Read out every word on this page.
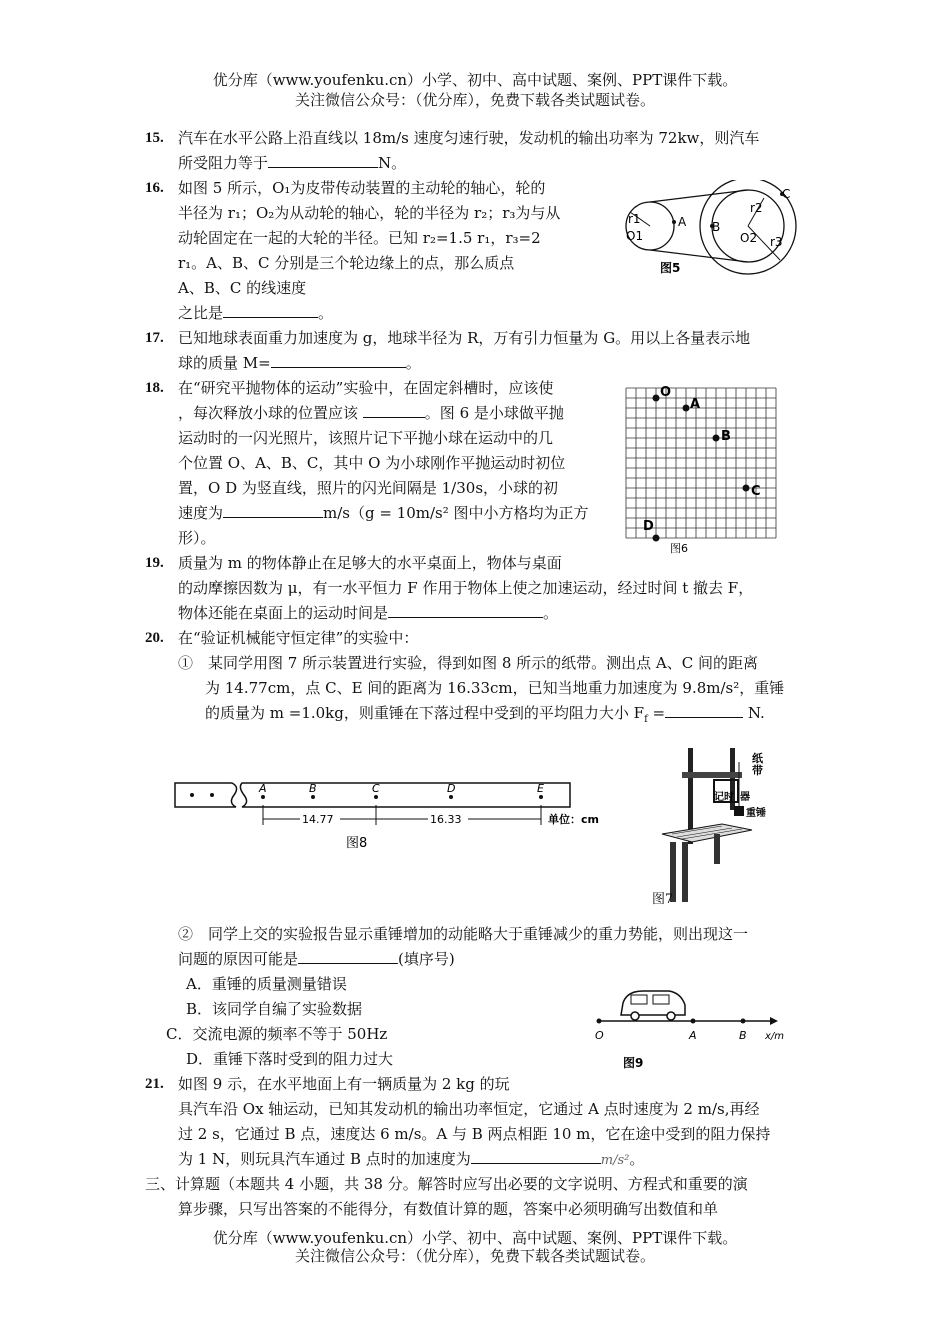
优分库（www.youfenku.cn）小学、初中、高中试题、案例、PPT课件下载。
关注微信公众号：（优分库），免费下载各类试题试卷。
15. 汽车在水平公路上沿直线以 18m/s 速度匀速行驶，发动机的输出功率为 72kw，则汽车
所受阻力等于	N。
16. 如图 5 所示，O₁为皮带传动装置的主动轮的轴心，轮的
半径为 r₁；O₂为从动轮的轴心，轮的半径为 r₂；r₃为与从
动轮固定在一起的大轮的半径。已知 r₂=1.5 r₁，r₃=2
r₁。A、B、C 分别是三个轮边缘上的点，那么质点
A、B、C 的线速度
之比是	。
r1	A
O1
B
O2
r2
r3
C
图5
17. 已知地球表面重力加速度为 g，地球半径为 R，万有引力恒量为 G。用以上各量表示地
球的质量 M=	。
18. 在“研究平抛物体的运动”实验中，在固定斜槽时，应该使
，每次释放小球的位置应该	。图 6 是小球做平抛
运动时的一闪光照片，该照片记下平抛小球在运动中的几
个位置 O、A、B、C，其中 O 为小球刚作平抛运动时初位
置，O D 为竖直线，照片的闪光间隔是 1/30s，小球的初
速度为	m/s（g = 10m/s² 图中小方格均为正方
形）。
O
A
B
C
D
图6
19. 质量为 m 的物体静止在足够大的水平桌面上，物体与桌面
的动摩擦因数为 μ，有一水平恒力 F 作用于物体上使之加速运动，经过时间 t 撤去 F，
物体还能在桌面上的运动时间是	。
20. 在“验证机械能守恒定律”的实验中：
①　某同学用图 7 所示装置进行实验，得到如图 8 所示的纸带。测出点 A、C 间的距离
为 14.77cm，点 C、E 间的距离为 16.33cm，已知当地重力加速度为 9.8m/s²，重锤
的质量为 m =1.0kg，则重锤在下落过程中受到的平均阻力大小 $F_f$ =	N.
A	B	C	D	E
14.77	16.33	单位：cm
图8
纸
带
记时 器
重锤
图7
②　同学上交的实验报告显示重锤增加的动能略大于重锤减少的重力势能，则出现这一
问题的原因可能是	(填序号)
A．重锤的质量测量错误
B．该同学自编了实验数据
C．交流电源的频率不等于 50Hz
D．重锤下落时受到的阻力过大
O	A	B x/m
图9
21. 如图 9 示，在水平地面上有一辆质量为 2 kg 的玩
具汽车沿 Ox 轴运动，已知其发动机的输出功率恒定，它通过 A 点时速度为 2 m/s,再经
过 2 s，它通过 B 点，速度达 6 m/s。A 与 B 两点相距 10 m，它在途中受到的阻力保持
为 1 N，则玩具汽车通过 B 点时的加速度为	m/s²。
三、计算题（本题共 4 小题，共 38 分。解答时应写出必要的文字说明、方程式和重要的演
算步骤，只写出答案的不能得分，有数值计算的题，答案中必须明确写出数值和单
优分库（www.youfenku.cn）小学、初中、高中试题、案例、PPT课件下载。
关注微信公众号：（优分库），免费下载各类试题试卷。
